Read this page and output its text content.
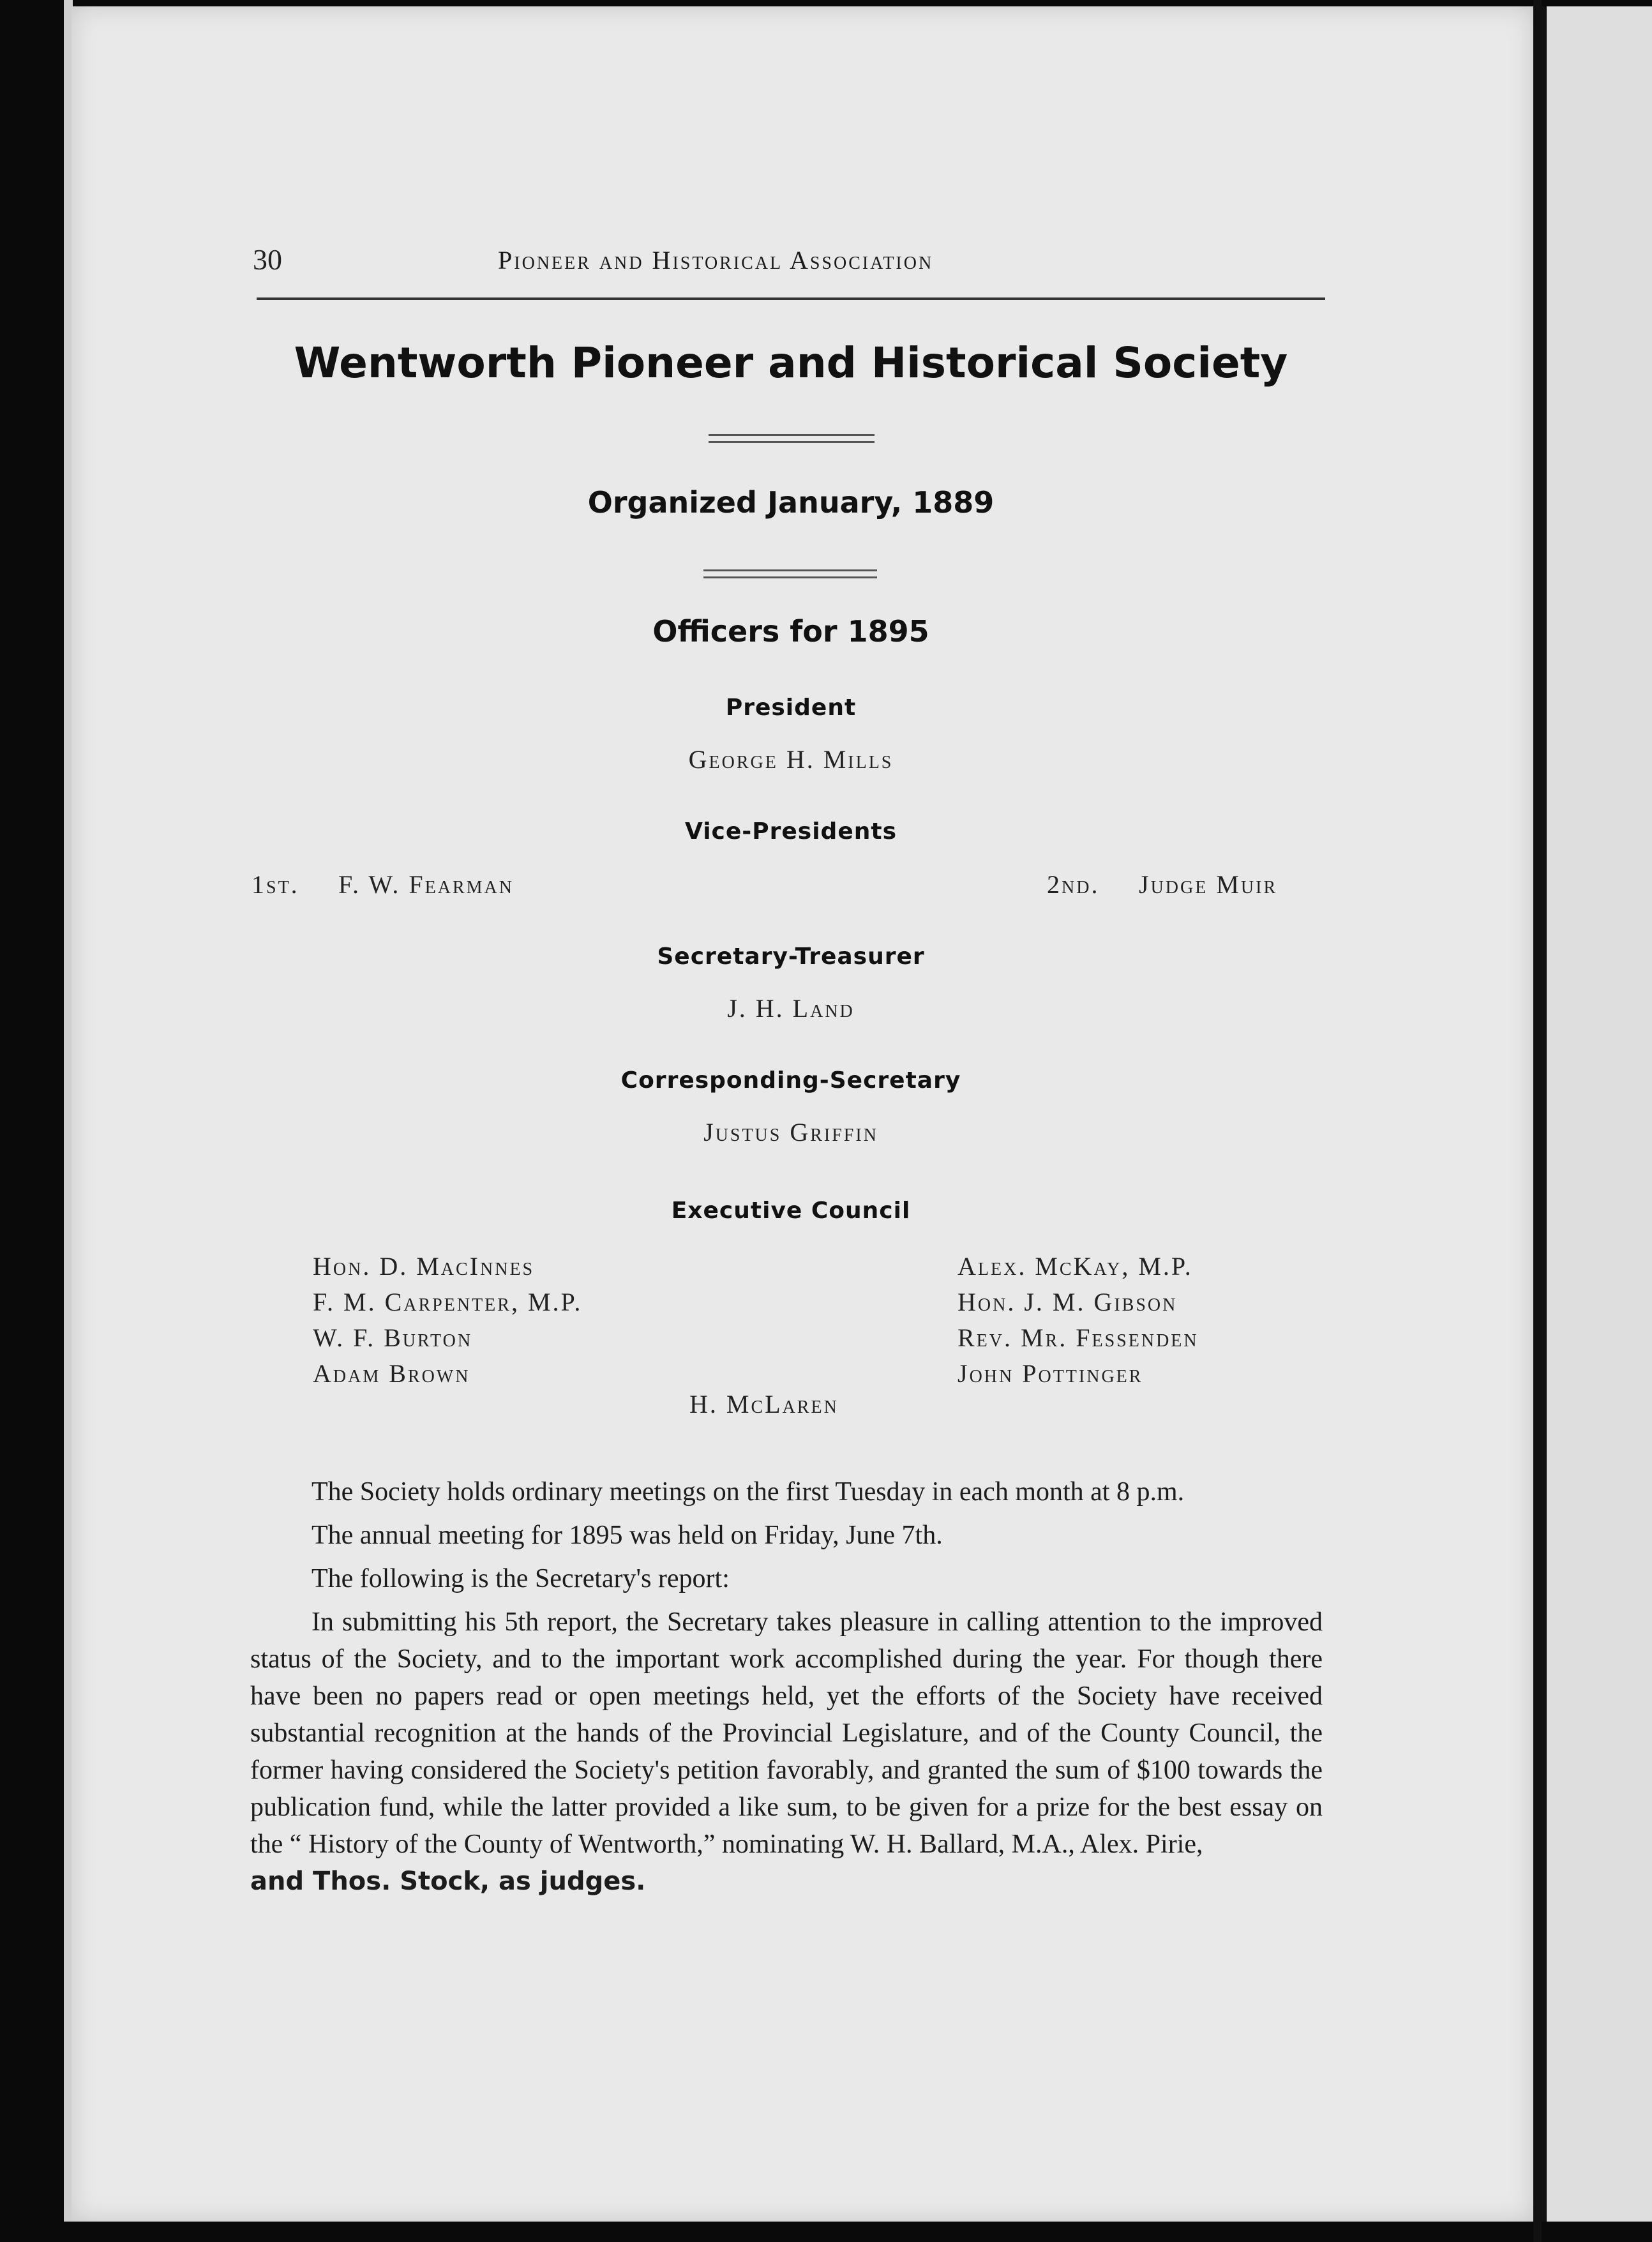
30	Pioneer and Historical Association
Wentworth Pioneer and Historical Society
Organized January, 1889
Officers for 1895
President
George H. Mills
Vice-Presidents
1st. F. W. Fearman	2nd. Judge Muir
Secretary-Treasurer
J. H. Land
Corresponding-Secretary
Justus Griffin
Executive Council
Hon. D. MacInnes
F. M. Carpenter, M.P.
W. F. Burton
Adam Brown
Alex. McKay, M.P.
Hon. J. M. Gibson
Rev. Mr. Fessenden
John Pottinger
H. McLaren

The Society holds ordinary meetings on the first Tuesday in each month at 8 p.m.

The annual meeting for 1895 was held on Friday, June 7th.

The following is the Secretary's report:

In submitting his 5th report, the Secretary takes pleasure in calling attention to the improved status of the Society, and to the important work accomplished during the year. For though there have been no papers read or open meetings held, yet the efforts of the Society have received substantial recognition at the hands of the Provincial Legislature, and of the County Council, the former having considered the Society's petition favorably, and granted the sum of $100 towards the publication fund, while the latter provided a like sum, to be given for a prize for the best essay on the “ History of the County of Wentworth,” nominating W. H. Ballard, M.A., Alex. Pirie,

and Thos. Stock, as judges.
